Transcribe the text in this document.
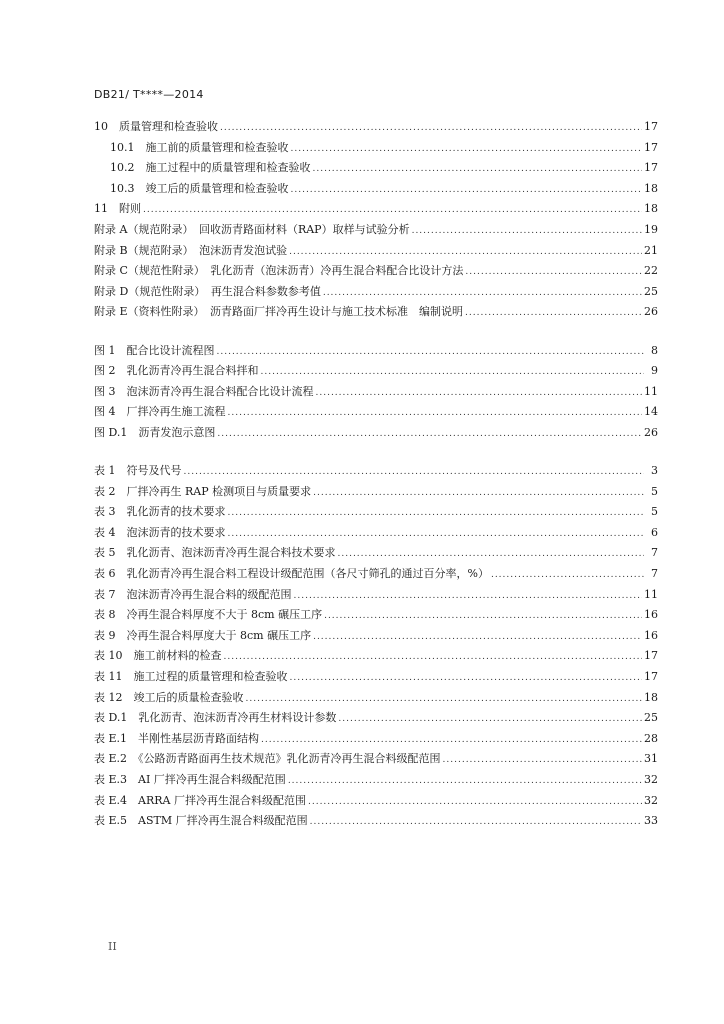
DB21/ T****—2014
10　质量管理和检查验收 .....	17
10.1　施工前的质量管理和检查验收 .....	17
10.2　施工过程中的质量管理和检查验收 .....	17
10.3　竣工后的质量管理和检查验收 .....	18
11　附则 .....	18
附录 A（规范附录）　回收沥青路面材料（RAP）取样与试验分析 .....	19
附录 B（规范附录）　泡沫沥青发泡试验 .....	21
附录 C（规范性附录）　乳化沥青（泡沫沥青）冷再生混合料配合比设计方法 .....	22
附录 D（规范性附录）　再生混合料参数参考值 .....	25
附录 E（资料性附录）　沥青路面厂拌冷再生设计与施工技术标准　编制说明 .....	26
图 1　配合比设计流程图 .....	8
图 2　乳化沥青冷再生混合料拌和 .....	9
图 3　泡沫沥青冷再生混合料配合比设计流程 .....	11
图 4　厂拌冷再生施工流程 .....	14
图 D.1　沥青发泡示意图 .....	26
表 1　符号及代号 .....	3
表 2　厂拌冷再生 RAP 检测项目与质量要求 .....	5
表 3　乳化沥青的技术要求 .....	5
表 4　泡沫沥青的技术要求 .....	6
表 5　乳化沥青、泡沫沥青冷再生混合料技术要求 .....	7
表 6　乳化沥青冷再生混合料工程设计级配范围（各尺寸筛孔的通过百分率，%） .....	7
表 7　泡沫沥青冷再生混合料的级配范围 .....	11
表 8　冷再生混合料厚度不大于 8cm 碾压工序 .....	16
表 9　冷再生混合料厚度大于 8cm 碾压工序 .....	16
表 10　施工前材料的检查 .....	17
表 11　施工过程的质量管理和检查验收 .....	17
表 12　竣工后的质量检查验收 .....	18
表 D.1　乳化沥青、泡沫沥青冷再生材料设计参数 .....	25
表 E.1　半刚性基层沥青路面结构 .....	28
表 E.2　《公路沥青路面再生技术规范》乳化沥青冷再生混合料级配范围 .....	31
表 E.3　AI 厂拌冷再生混合料级配范围 .....	32
表 E.4　ARRA 厂拌冷再生混合料级配范围 .....	32
表 E.5　ASTM 厂拌冷再生混合料级配范围 .....	33
II
